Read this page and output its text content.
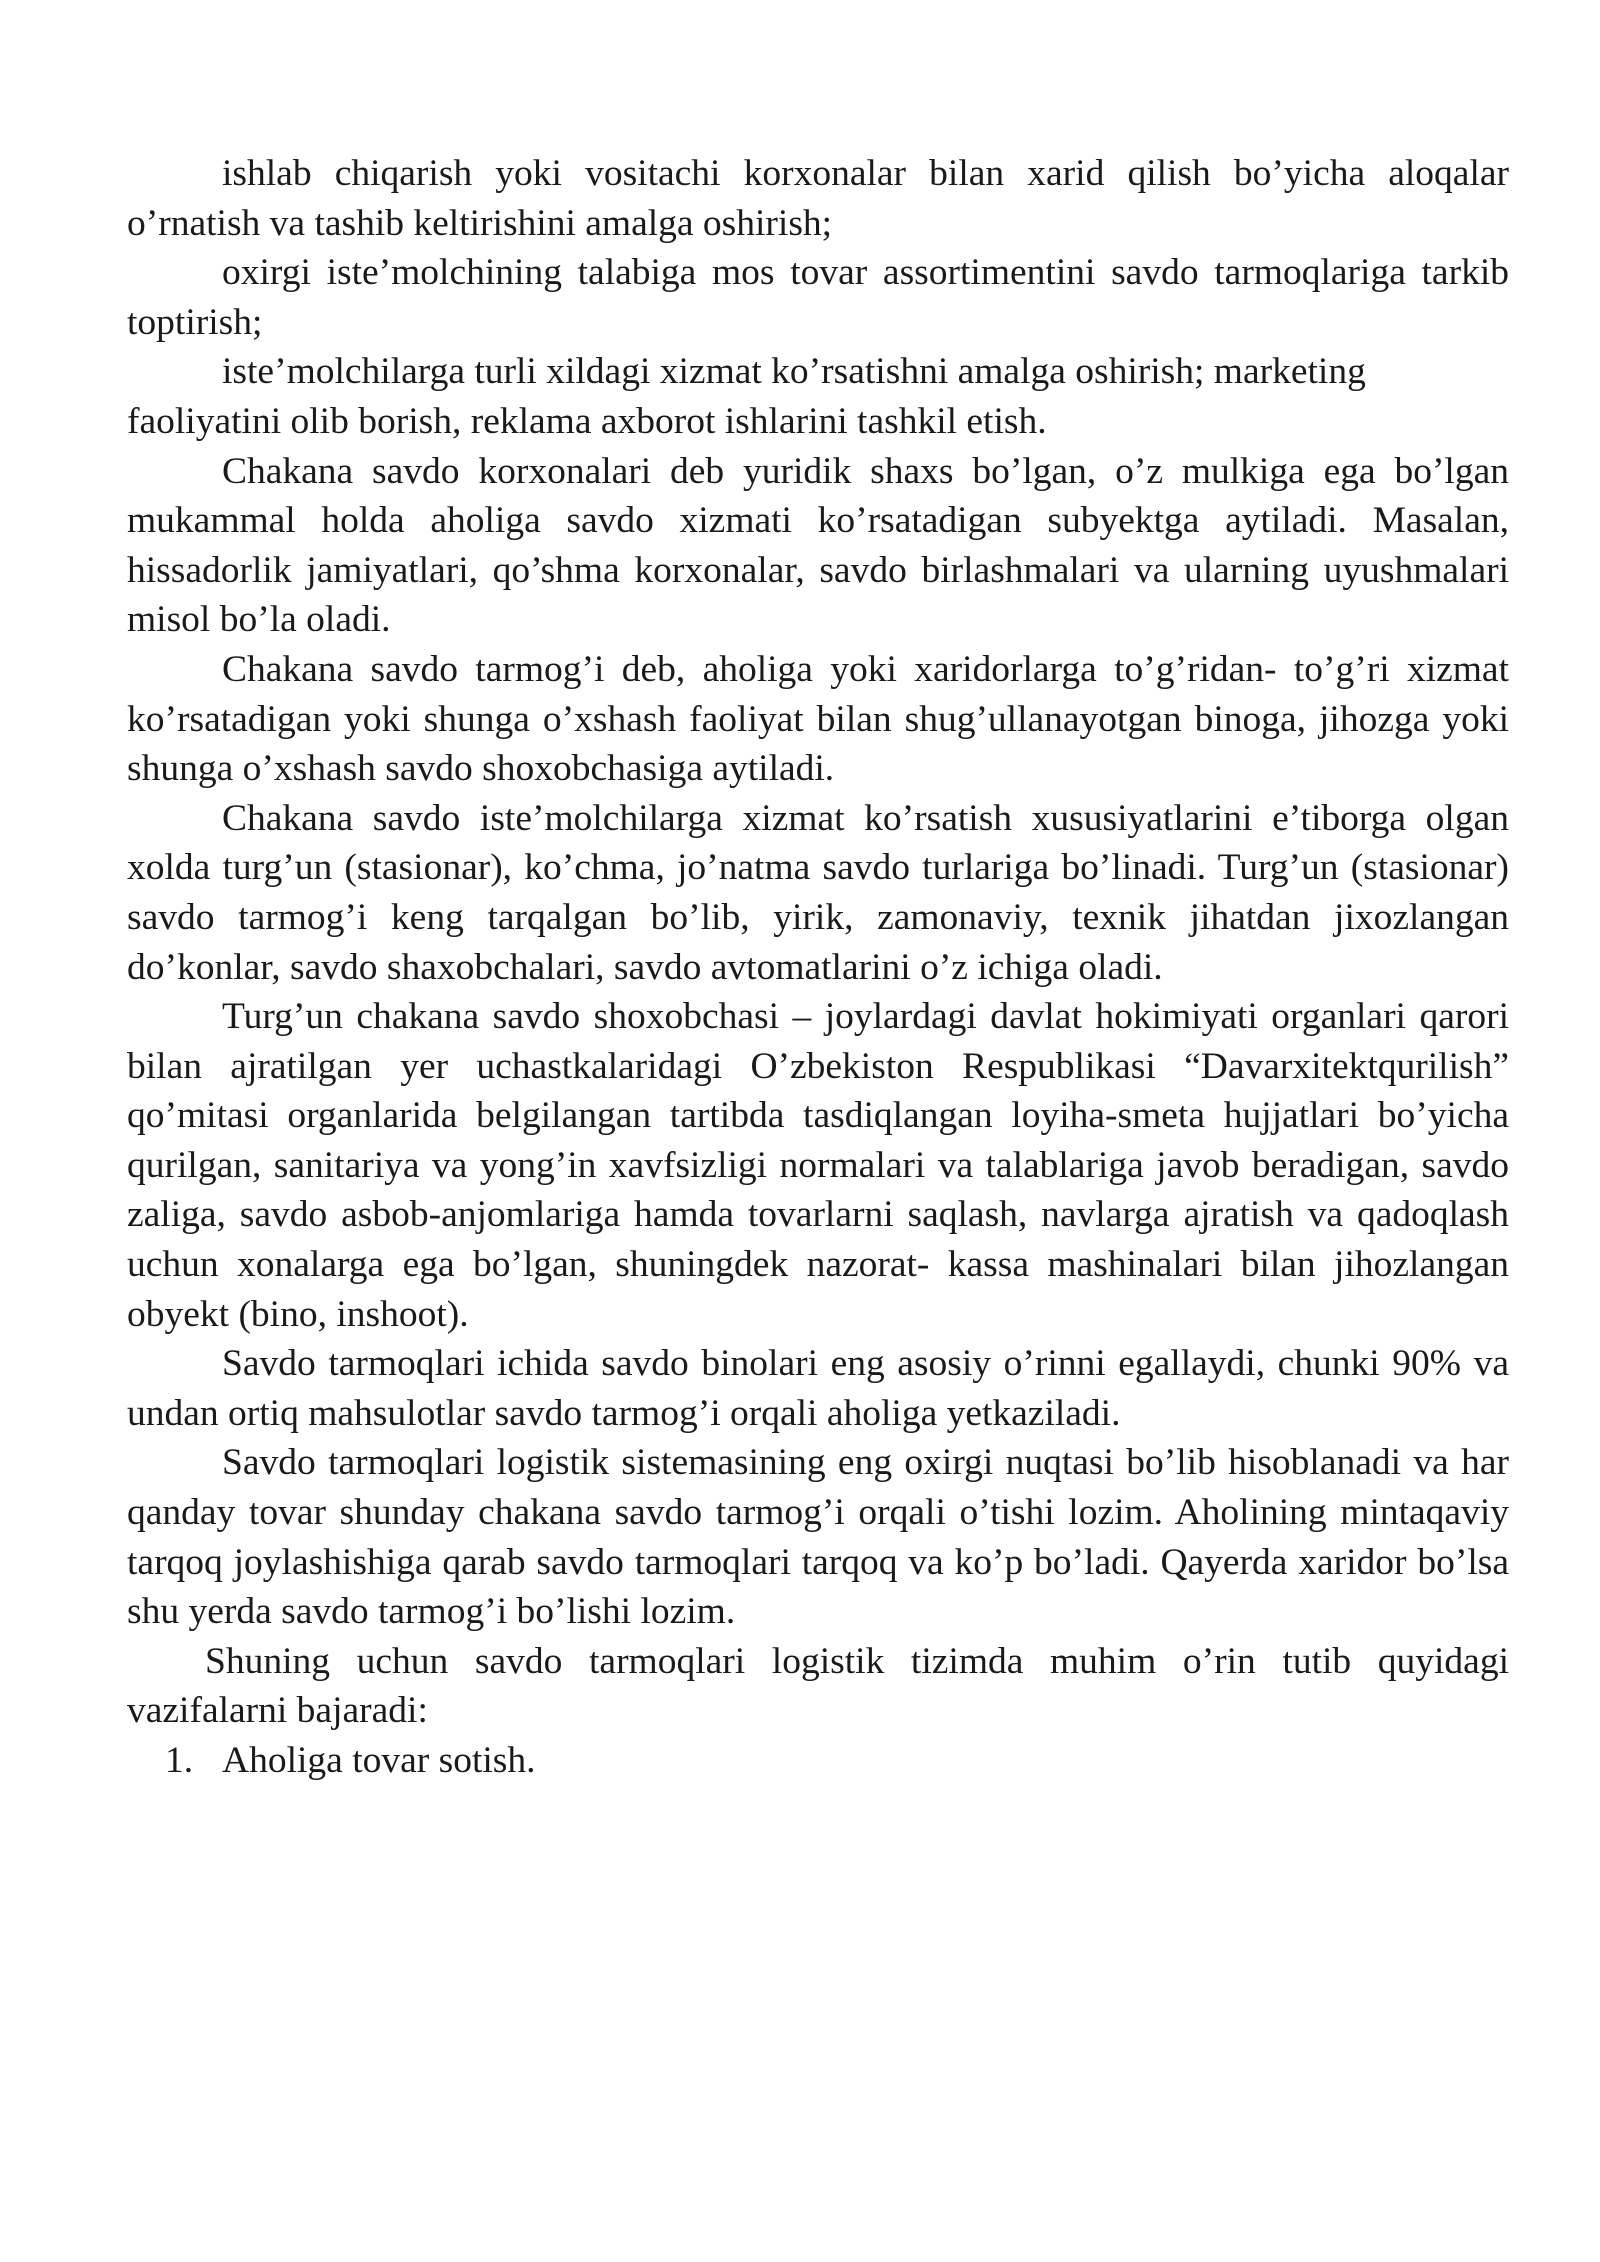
ishlab chiqarish yoki vositachi korxonalar bilan xarid qilish bo’yicha aloqalar o’rnatish va tashib keltirishini amalga oshirish;

oxirgi iste’molchining talabiga mos tovar assortimentini savdo tarmoqlariga tarkib toptirish;

iste’molchilarga turli xildagi xizmat ko’rsatishni amalga oshirish; marketing faoliyatini olib borish, reklama axborot ishlarini tashkil etish.

Chakana savdo korxonalari deb yuridik shaxs bo’lgan, o’z mulkiga ega bo’lgan mukammal holda aholiga savdo xizmati ko’rsatadigan subyektga aytiladi. Masalan, hissadorlik jamiyatlari, qo’shma korxonalar, savdo birlashmalari va ularning uyushmalari misol bo’la oladi.

Chakana savdo tarmog’i deb, aholiga yoki xaridorlarga to’g’ridan- to’g’ri xizmat ko’rsatadigan yoki shunga o’xshash faoliyat bilan shug’ullanayotgan binoga, jihozga yoki shunga o’xshash savdo shoxobchasiga aytiladi.

Chakana savdo iste’molchilarga xizmat ko’rsatish xususiyatlarini e’tiborga olgan xolda turg’un (stasionar), ko’chma, jo’natma savdo turlariga bo’linadi. Turg’un (stasionar) savdo tarmog’i keng tarqalgan bo’lib, yirik, zamonaviy, texnik jihatdan jixozlangan do’konlar, savdo shaxobchalari, savdo avtomatlarini o’z ichiga oladi.

Turg’un chakana savdo shoxobchasi – joylardagi davlat hokimiyati organlari qarori bilan ajratilgan yer uchastkalaridagi O’zbekiston Respublikasi “Davarxitektqurilish” qo’mitasi organlarida belgilangan tartibda tasdiqlangan loyiha-smeta hujjatlari bo’yicha qurilgan, sanitariya va yong’in xavfsizligi normalari va talablariga javob beradigan, savdo zaliga, savdo asbob-anjomlariga hamda tovarlarni saqlash, navlarga ajratish va qadoqlash uchun xonalarga ega bo’lgan, shuningdek nazorat- kassa mashinalari bilan jihozlangan obyekt (bino, inshoot).

Savdo tarmoqlari ichida savdo binolari eng asosiy o’rinni egallaydi, chunki 90% va undan ortiq mahsulotlar savdo tarmog’i orqali aholiga yetkaziladi.

Savdo tarmoqlari logistik sistemasining eng oxirgi nuqtasi bo’lib hisoblanadi va har qanday tovar shunday chakana savdo tarmog’i orqali o’tishi lozim. Aholining mintaqaviy tarqoq joylashishiga qarab savdo tarmoqlari tarqoq va ko’p bo’ladi. Qayerda xaridor bo’lsa shu yerda savdo tarmog’i bo’lishi lozim.

Shuning uchun savdo tarmoqlari logistik tizimda muhim o’rin tutib quyidagi vazifalarni bajaradi:

1. Aholiga tovar sotish.
